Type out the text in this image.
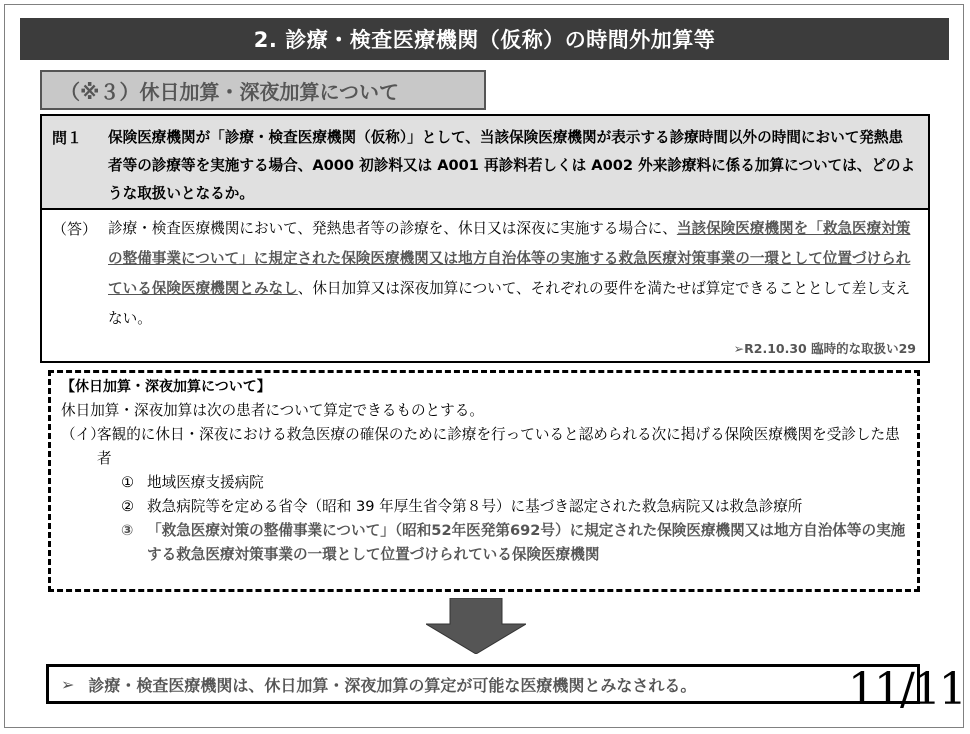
2. 診療・検査医療機関（仮称）の時間外加算等
（※３）休日加算・深夜加算について
問１	保険医療機関が「診療・検査医療機関（仮称）」として、当該保険医療機関が表示する診療時間以外の時間において発熱患者等の診療等を実施する場合、A000 初診料又は A001 再診料若しくは A002 外来診療料に係る加算については、どのような取扱いとなるか。
（答） 診療・検査医療機関において、発熱患者等の診療を、休日又は深夜に実施する場合に、当該保険医療機関を「救急医療対策の整備事業について」に規定された保険医療機関又は地方自治体等の実施する救急医療対策事業の一環として位置づけられている保険医療機関とみなし、休日加算又は深夜加算について、それぞれの要件を満たせば算定できることとして差し支えない。
➢R2.10.30 臨時的な取扱い29
【休日加算・深夜加算について】
休日加算・深夜加算は次の患者について算定できるものとする。
（イ）
客観的に休日・深夜における救急医療の確保のために診療を行っていると認められる次に掲げる保険医療機関を受診した患者
① 地域医療支援病院
② 救急病院等を定める省令（昭和 39 年厚生省令第８号）に基づき認定された救急病院又は救急診療所
③ 「救急医療対策の整備事業について」（昭和52年医発第692号）に規定された保険医療機関又は地方自治体等の実施する救急医療対策事業の一環として位置づけられている保険医療機関
➢ 診療・検査医療機関は、休日加算・深夜加算の算定が可能な医療機関とみなされる。	11/11
